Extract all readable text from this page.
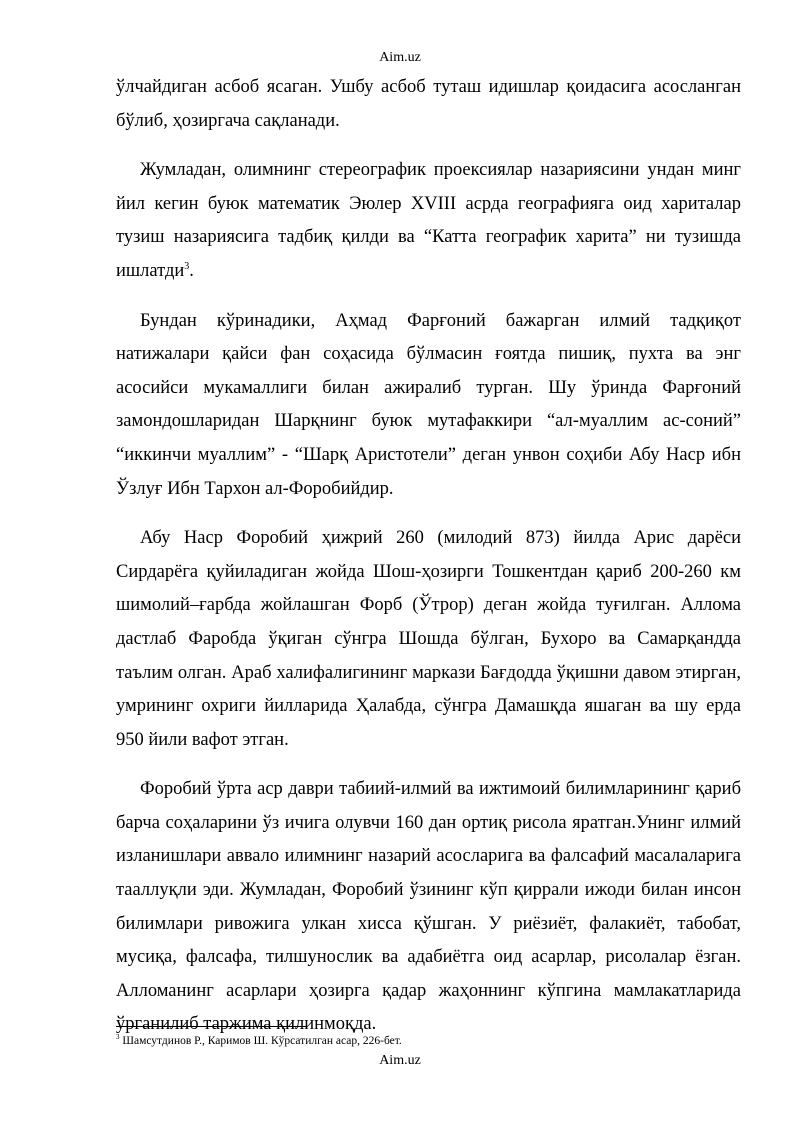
Aim.uz

ўлчайдиган асбоб ясаган. Ушбу асбоб туташ идишлар қоидасига асосланган бўлиб, ҳозиргача сақланади.

Жумладан, олимнинг стереографик проексиялар назариясини ундан минг йил кегин буюк математик Эюлер XVIII асрда географияга оид хариталар тузиш назариясига тадбиқ қилди ва “Катта географик харита” ни тузишда ишлатди$^3$.

Бундан кўринадики, Аҳмад Фарғоний бажарган илмий тадқиқот натижалари қайси фан соҳасида бўлмасин ғоятда пишиқ, пухта ва энг асосийси мукамаллиги билан ажиралиб турган. Шу ўринда Фарғоний замондошларидан Шарқнинг буюк мутафаккири “ал-муаллим ас-соний” “иккинчи муаллим” - “Шарқ Аристотели” деган унвон соҳиби Абу Наср ибн Ўзлуғ Ибн Тархон ал-Форобийдир.

Абу Наср Форобий ҳижрий 260 (милодий 873) йилда Арис дарёси Сирдарёга қуйиладиган жойда Шош-ҳозирги Тошкентдан қариб 200-260 км шимолий–ғарбда жойлашган Форб (Ўтрор) деган жойда туғилган. Аллома дастлаб Фаробда ўқиган сўнгра Шошда бўлган, Бухоро ва Самарқандда таълим олган. Араб халифалигининг маркази Бағдодда ўқишни давом этирган, умрининг охриги йилларида Ҳалабда, сўнгра Дамашқда яшаган ва шу ерда 950 йили вафот этган.

Форобий ўрта аср даври табиий-илмий ва ижтимоий билимларининг қариб барча соҳаларини ўз ичига олувчи 160 дан ортиқ рисола яратган.Унинг илмий изланишлари аввало илимнинг назарий асосларига ва фалсафий масалаларига тааллуқли эди. Жумладан, Форобий ўзининг кўп қиррали ижоди билан инсон билимлари ривожига улкан хисса қўшган. У риёзиёт, фалакиёт, табобат, мусиқа, фалсафа, тилшунослик ва адабиётга оид асарлар, рисолалар ёзган. Алломанинг асарлари ҳозирга қадар жаҳоннинг кўпгина мамлакатларида ўрганилиб таржима қилинмоқда.

$^3$ Шамсутдинов Р., Каримов Ш. Кўрсатилган асар, 226-бет.
Aim.uz
